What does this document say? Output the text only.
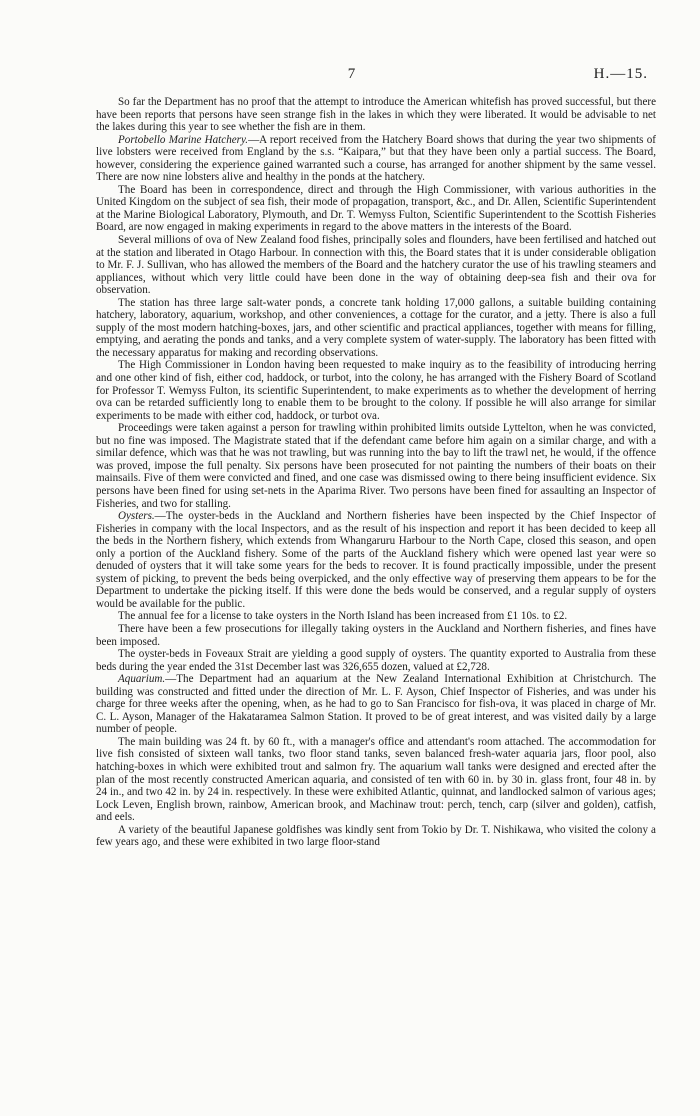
7	H.—15.

So far the Department has no proof that the attempt to introduce the American whitefish has proved successful, but there have been reports that persons have seen strange fish in the lakes in which they were liberated. It would be advisable to net the lakes during this year to see whether the fish are in them.

Portobello Marine Hatchery.—A report received from the Hatchery Board shows that during the year two shipments of live lobsters were received from England by the s.s. “Kaipara,” but that they have been only a partial success. The Board, however, considering the experience gained warranted such a course, has arranged for another shipment by the same vessel. There are now nine lobsters alive and healthy in the ponds at the hatchery.

The Board has been in correspondence, direct and through the High Commissioner, with various authorities in the United Kingdom on the subject of sea fish, their mode of propagation, transport, &c., and Dr. Allen, Scientific Superintendent at the Marine Biological Laboratory, Plymouth, and Dr. T. Wemyss Fulton, Scientific Superintendent to the Scottish Fisheries Board, are now engaged in making experiments in regard to the above matters in the interests of the Board.

Several millions of ova of New Zealand food fishes, principally soles and flounders, have been fertilised and hatched out at the station and liberated in Otago Harbour. In connection with this, the Board states that it is under considerable obligation to Mr. F. J. Sullivan, who has allowed the members of the Board and the hatchery curator the use of his trawling steamers and appliances, without which very little could have been done in the way of obtaining deep-sea fish and their ova for observation.

The station has three large salt-water ponds, a concrete tank holding 17,000 gallons, a suitable building containing hatchery, laboratory, aquarium, workshop, and other conveniences, a cottage for the curator, and a jetty. There is also a full supply of the most modern hatching-boxes, jars, and other scientific and practical appliances, together with means for filling, emptying, and aerating the ponds and tanks, and a very complete system of water-supply. The laboratory has been fitted with the necessary apparatus for making and recording observations.

The High Commissioner in London having been requested to make inquiry as to the feasibility of introducing herring and one other kind of fish, either cod, haddock, or turbot, into the colony, he has arranged with the Fishery Board of Scotland for Professor T. Wemyss Fulton, its scientific Superintendent, to make experiments as to whether the development of herring ova can be retarded sufficiently long to enable them to be brought to the colony. If possible he will also arrange for similar experiments to be made with either cod, haddock, or turbot ova.

Proceedings were taken against a person for trawling within prohibited limits outside Lyttelton, when he was convicted, but no fine was imposed. The Magistrate stated that if the defendant came before him again on a similar charge, and with a similar defence, which was that he was not trawling, but was running into the bay to lift the trawl net, he would, if the offence was proved, impose the full penalty. Six persons have been prosecuted for not painting the numbers of their boats on their mainsails. Five of them were convicted and fined, and one case was dismissed owing to there being insufficient evidence. Six persons have been fined for using set-nets in the Aparima River. Two persons have been fined for assaulting an Inspector of Fisheries, and two for stalling.

Oysters.—The oyster-beds in the Auckland and Northern fisheries have been inspected by the Chief Inspector of Fisheries in company with the local Inspectors, and as the result of his inspection and report it has been decided to keep all the beds in the Northern fishery, which extends from Whangaruru Harbour to the North Cape, closed this season, and open only a portion of the Auckland fishery. Some of the parts of the Auckland fishery which were opened last year were so denuded of oysters that it will take some years for the beds to recover. It is found practically impossible, under the present system of picking, to prevent the beds being overpicked, and the only effective way of preserving them appears to be for the Department to undertake the picking itself. If this were done the beds would be conserved, and a regular supply of oysters would be available for the public.

The annual fee for a license to take oysters in the North Island has been increased from £1 10s. to £2.

There have been a few prosecutions for illegally taking oysters in the Auckland and Northern fisheries, and fines have been imposed.

The oyster-beds in Foveaux Strait are yielding a good supply of oysters. The quantity exported to Australia from these beds during the year ended the 31st December last was 326,655 dozen, valued at £2,728.

Aquarium.—The Department had an aquarium at the New Zealand International Exhibition at Christchurch. The building was constructed and fitted under the direction of Mr. L. F. Ayson, Chief Inspector of Fisheries, and was under his charge for three weeks after the opening, when, as he had to go to San Francisco for fish-ova, it was placed in charge of Mr. C. L. Ayson, Manager of the Hakataramea Salmon Station. It proved to be of great interest, and was visited daily by a large number of people.

The main building was 24 ft. by 60 ft., with a manager's office and attendant's room attached. The accommodation for live fish consisted of sixteen wall tanks, two floor stand tanks, seven balanced fresh-water aquaria jars, floor pool, also hatching-boxes in which were exhibited trout and salmon fry. The aquarium wall tanks were designed and erected after the plan of the most recently constructed American aquaria, and consisted of ten with 60 in. by 30 in. glass front, four 48 in. by 24 in., and two 42 in. by 24 in. respectively. In these were exhibited Atlantic, quinnat, and landlocked salmon of various ages; Lock Leven, English brown, rainbow, American brook, and Machinaw trout: perch, tench, carp (silver and golden), catfish, and eels.

A variety of the beautiful Japanese goldfishes was kindly sent from Tokio by Dr. T. Nishikawa, who visited the colony a few years ago, and these were exhibited in two large floor-stand
